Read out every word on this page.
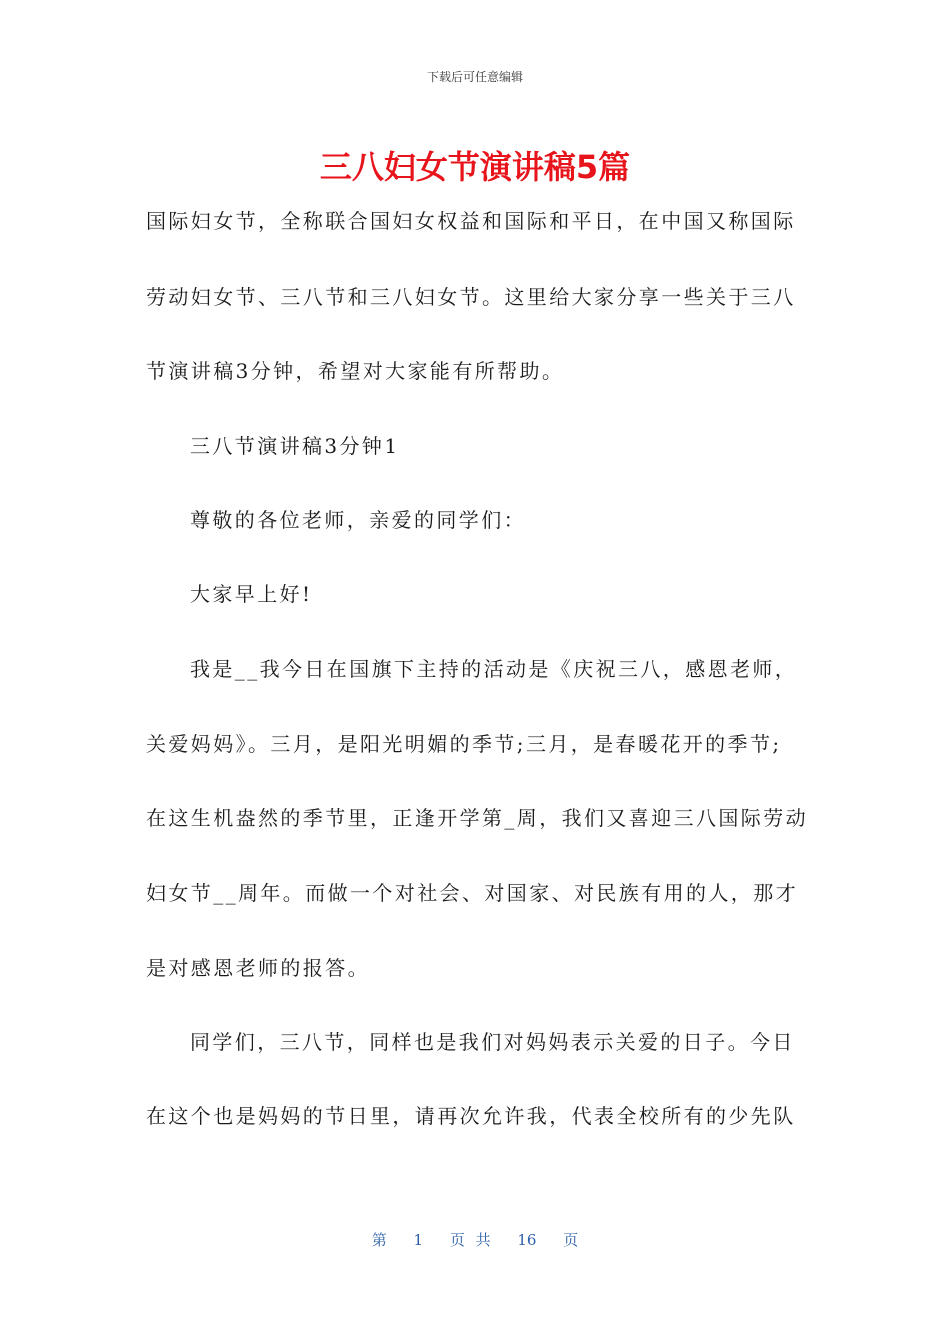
下载后可任意编辑
三八妇女节演讲稿5篇
国际妇女节，全称联合国妇女权益和国际和平日，在中国又称国际
劳动妇女节、三八节和三八妇女节。这里给大家分享一些关于三八
节演讲稿3分钟，希望对大家能有所帮助。
三八节演讲稿3分钟1
尊敬的各位老师，亲爱的同学们：
大家早上好!
我是__我今日在国旗下主持的活动是《庆祝三八，感恩老师，
关爱妈妈》。三月，是阳光明媚的季节;三月，是春暖花开的季节;
在这生机盎然的季节里，正逢开学第_周，我们又喜迎三八国际劳动
妇女节__周年。而做一个对社会、对国家、对民族有用的人，那才
是对感恩老师的报答。
同学们，三八节，同样也是我们对妈妈表示关爱的日子。今日
在这个也是妈妈的节日里，请再次允许我，代表全校所有的少先队
第 1 页 共 16 页
